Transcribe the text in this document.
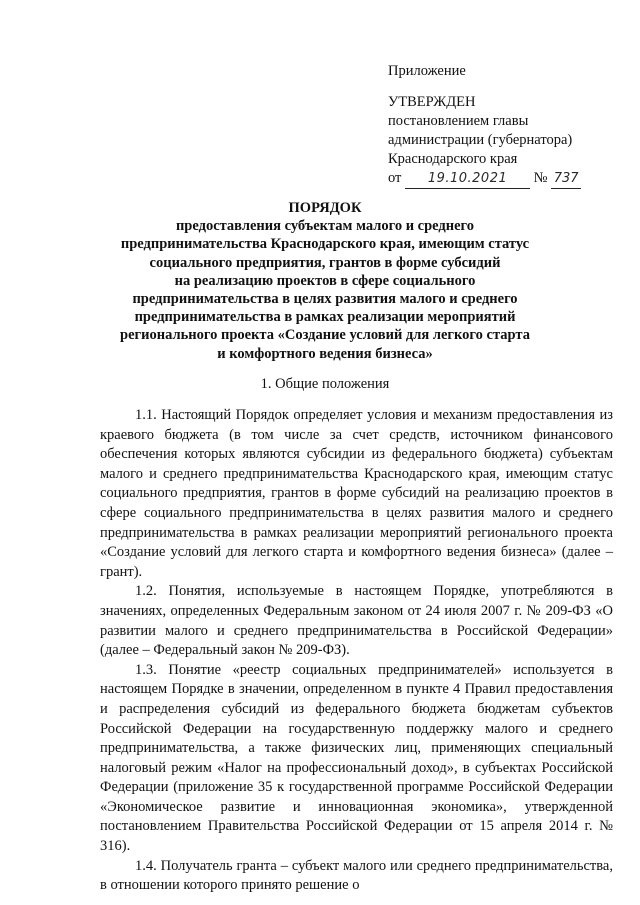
Приложение
УТВЕРЖДЕН
постановлением главы
администрации (губернатора)
Краснодарского края
от 19.10.2021 № 737
ПОРЯДОК
предоставления субъектам малого и среднего
предпринимательства Краснодарского края, имеющим статус
социального предприятия, грантов в форме субсидий
на реализацию проектов в сфере социального
предпринимательства в целях развития малого и среднего
предпринимательства в рамках реализации мероприятий
регионального проекта «Создание условий для легкого старта
и комфортного ведения бизнеса»
1. Общие положения

1.1. Настоящий Порядок определяет условия и механизм предоставления из краевого бюджета (в том числе за счет средств, источником финансового обеспечения которых являются субсидии из федерального бюджета) субъектам малого и среднего предпринимательства Краснодарского края, имеющим статус социального предприятия, грантов в форме субсидий на реализацию проектов в сфере социального предпринимательства в целях развития малого и среднего предпринимательства в рамках реализации мероприятий регионального проекта «Создание условий для легкого старта и комфортного ведения бизнеса» (далее – грант).

1.2. Понятия, используемые в настоящем Порядке, употребляются в значениях, определенных Федеральным законом от 24 июля 2007 г. № 209-ФЗ «О развитии малого и среднего предпринимательства в Российской Федерации» (далее – Федеральный закон № 209-ФЗ).

1.3. Понятие «реестр социальных предпринимателей» используется в настоящем Порядке в значении, определенном в пункте 4 Правил предоставления и распределения субсидий из федерального бюджета бюджетам субъектов Российской Федерации на государственную поддержку малого и среднего предпринимательства, а также физических лиц, применяющих специальный налоговый режим «Налог на профессиональный доход», в субъектах Российской Федерации (приложение 35 к государственной программе Российской Федерации «Экономическое развитие и инновационная экономика», утвержденной постановлением Правительства Российской Федерации от 15 апреля 2014 г. № 316).

1.4. Получатель гранта – субъект малого или среднего предпринимательства, в отношении которого принято решение о
